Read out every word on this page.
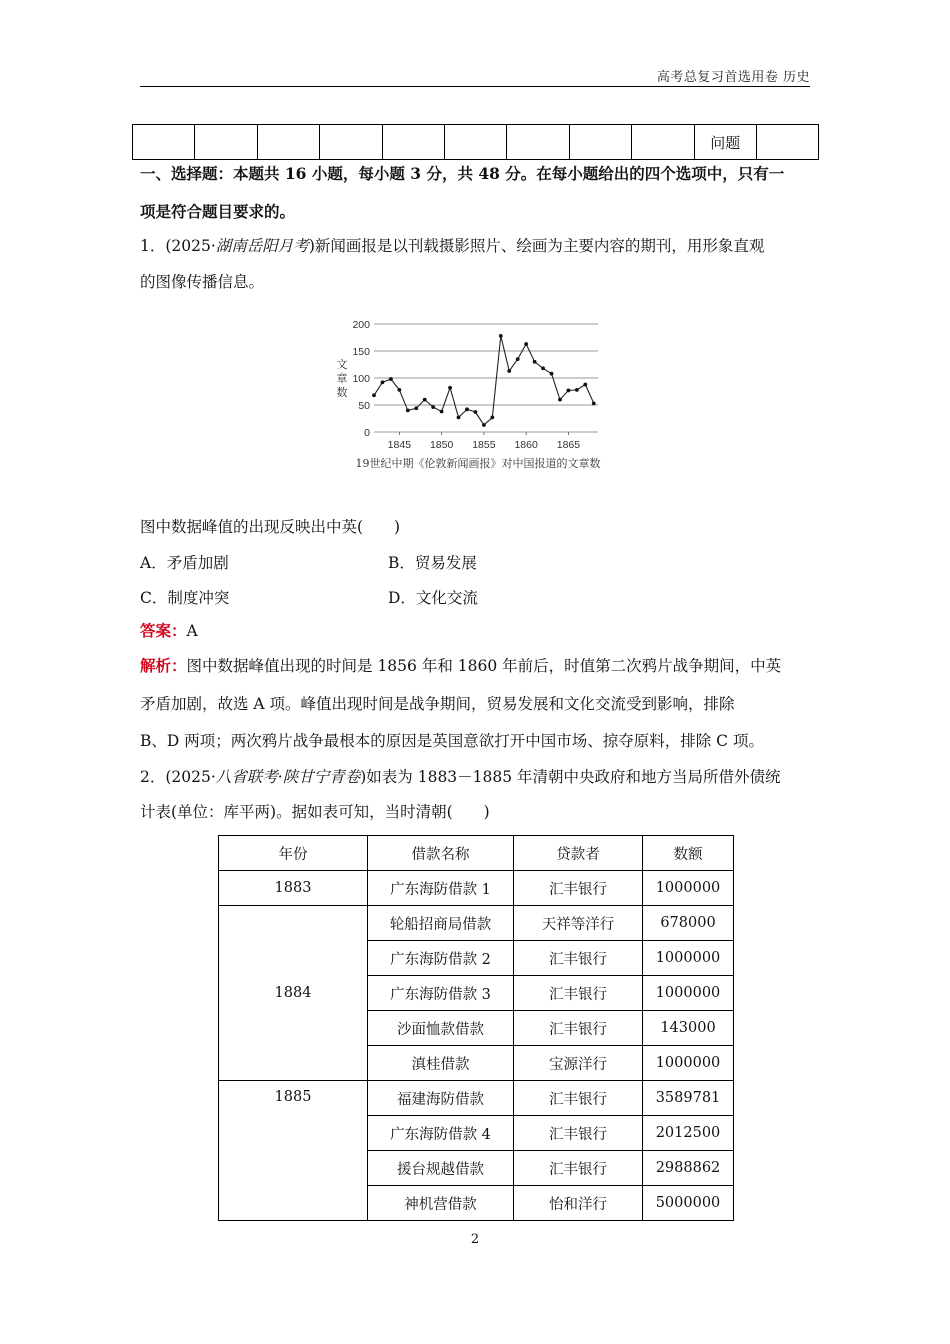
高考总复习首选用卷 历史
									问题	
一、选择题：本题共 16 小题，每小题 3 分，共 48 分。在每小题给出的四个选项中，只有一
项是符合题目要求的。
1．(2025·湖南岳阳月考)新闻画报是以刊载摄影照片、绘画为主要内容的期刊，用形象直观
的图像传播信息。
0
50
100
150
200
1845 1850 1855 1860 1865
文
章
数
19世纪中期《伦敦新闻画报》对中国报道的文章数
图中数据峰值的出现反映出中英(　　)
A．矛盾加剧	B．贸易发展
C．制度冲突	D．文化交流
答案：A
解析：图中数据峰值出现的时间是 1856 年和 1860 年前后，时值第二次鸦片战争期间，中英
矛盾加剧，故选 A 项。峰值出现时间是战争期间，贸易发展和文化交流受到影响，排除
B、D 两项；两次鸦片战争最根本的原因是英国意欲打开中国市场、掠夺原料，排除 C 项。
2．(2025·八省联考·陕甘宁青卷)如表为 1883－1885 年清朝中央政府和地方当局所借外债统
计表(单位：库平两)。据如表可知，当时清朝(　　)
年份	借款名称	贷款者	数额
1883	广东海防借款 1	汇丰银行	1000000
1884	轮船招商局借款	天祥等洋行	678000
	广东海防借款 2	汇丰银行	1000000
	广东海防借款 3	汇丰银行	1000000
	沙面恤款借款	汇丰银行	143000
	滇桂借款	宝源洋行	1000000
1885	福建海防借款	汇丰银行	3589781
	广东海防借款 4	汇丰银行	2012500
	援台规越借款	汇丰银行	2988862
	神机营借款	怡和洋行	5000000
2
